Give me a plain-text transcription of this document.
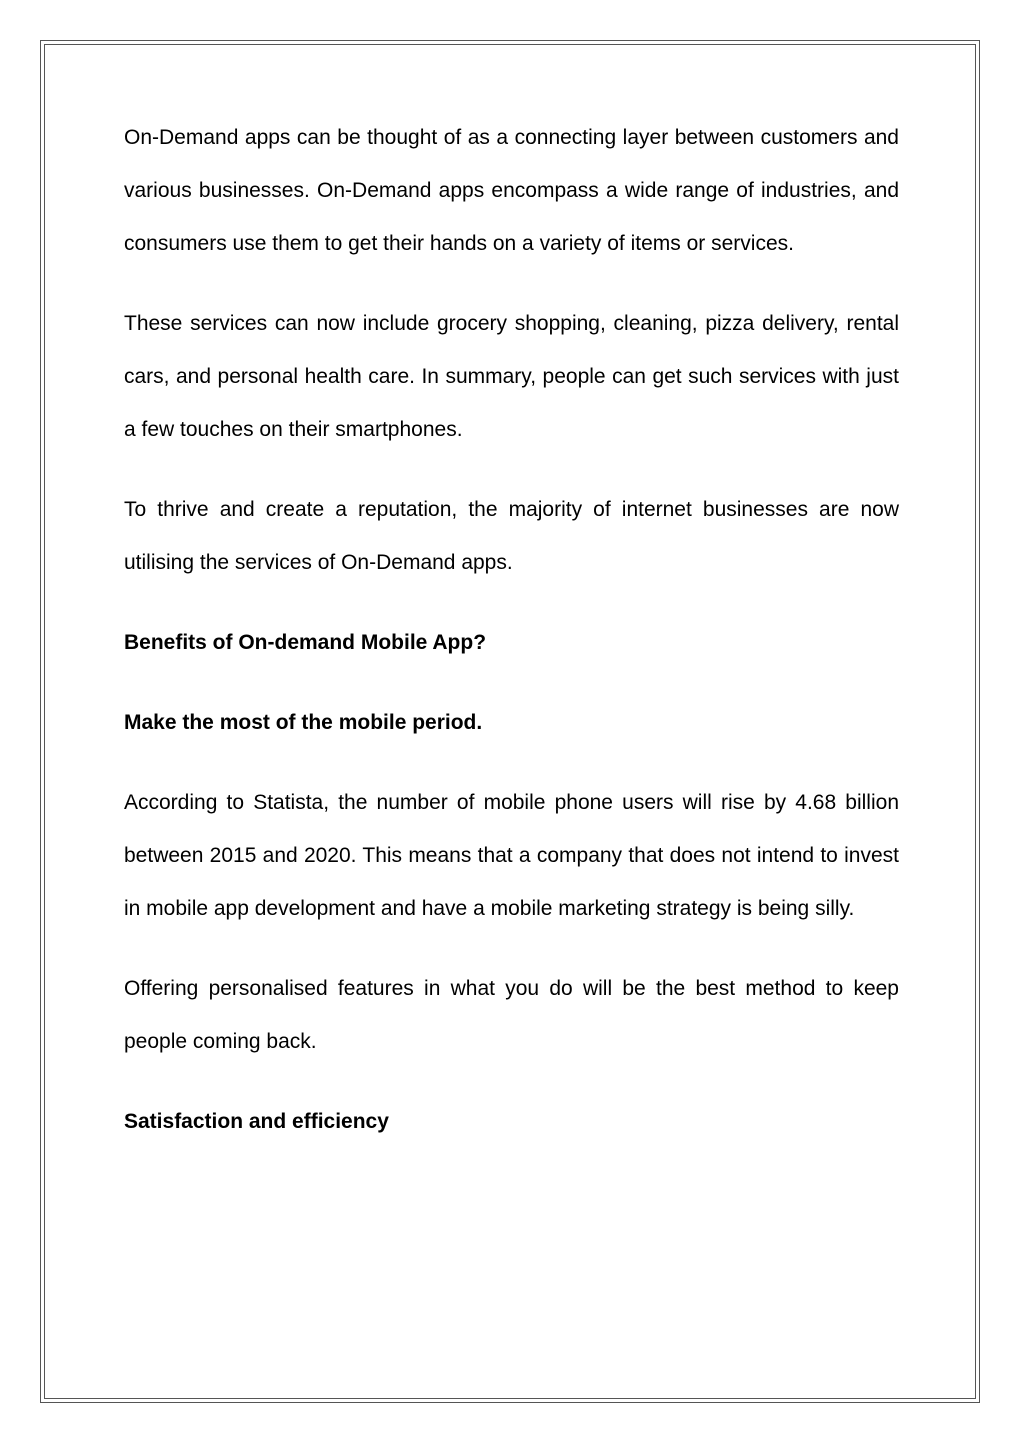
On-Demand apps can be thought of as a connecting layer between customers and various businesses. On-Demand apps encompass a wide range of industries, and consumers use them to get their hands on a variety of items or services.

These services can now include grocery shopping, cleaning, pizza delivery, rental cars, and personal health care. In summary, people can get such services with just a few touches on their smartphones.

To thrive and create a reputation, the majority of internet businesses are now utilising the services of On-Demand apps.

Benefits of On-demand Mobile App?

Make the most of the mobile period.

According to Statista, the number of mobile phone users will rise by 4.68 billion between 2015 and 2020. This means that a company that does not intend to invest in mobile app development and have a mobile marketing strategy is being silly.

Offering personalised features in what you do will be the best method to keep people coming back.

Satisfaction and efficiency
